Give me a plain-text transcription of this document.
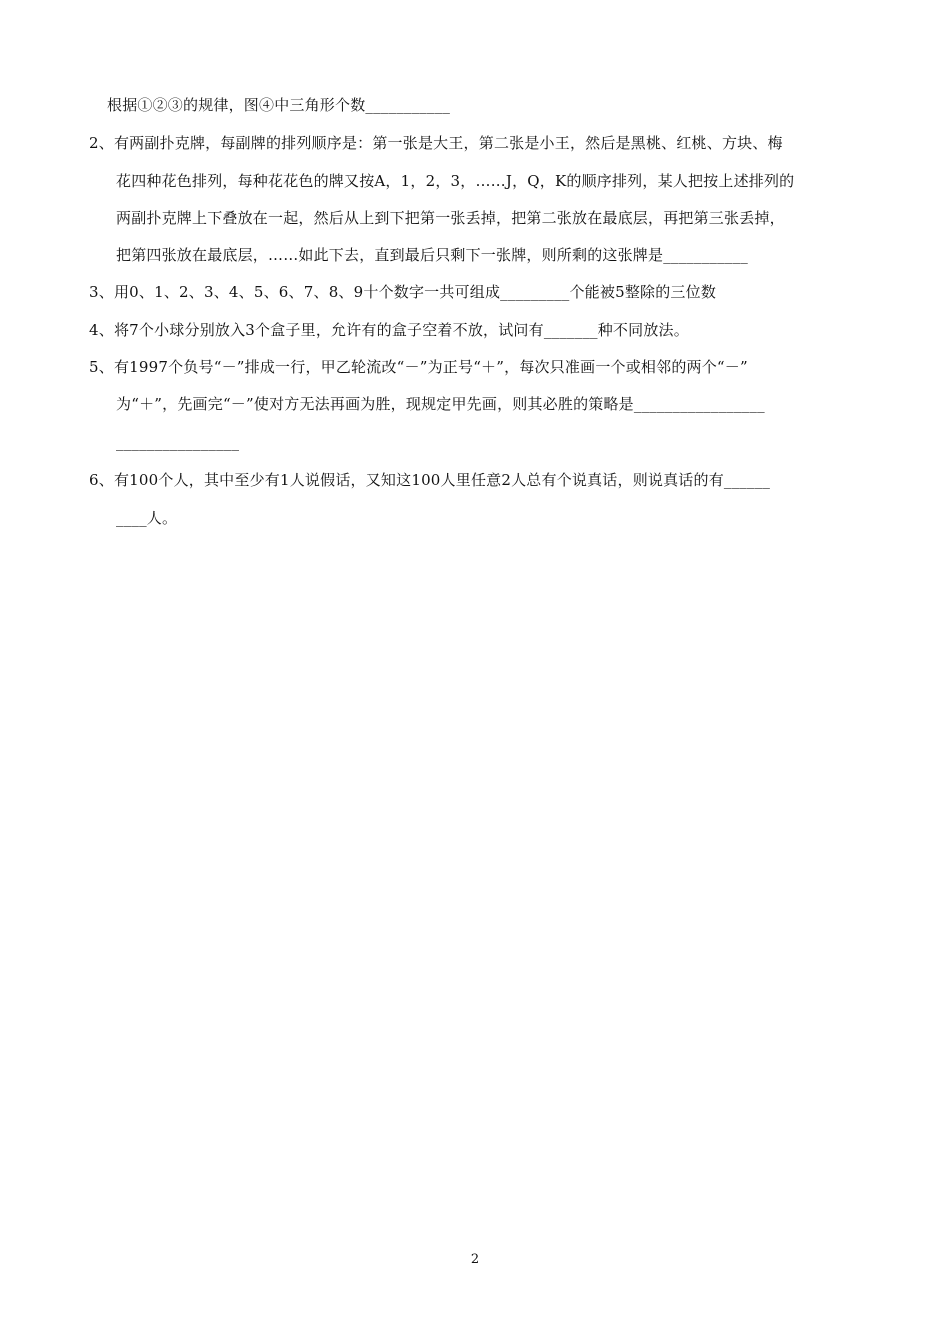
根据①②③的规律，图④中三角形个数___________
2、有两副扑克牌，每副牌的排列顺序是：第一张是大王，第二张是小王，然后是黑桃、红桃、方块、梅
花四种花色排列，每种花花色的牌又按A，1，2，3，……J，Q，K的顺序排列，某人把按上述排列的
两副扑克牌上下叠放在一起，然后从上到下把第一张丢掉，把第二张放在最底层，再把第三张丢掉，
把第四张放在最底层，……如此下去，直到最后只剩下一张牌，则所剩的这张牌是___________
3、用0、1、2、3、4、5、6、7、8、9十个数字一共可组成_________个能被5整除的三位数
4、将7个小球分别放入3个盒子里，允许有的盒子空着不放，试问有_______种不同放法。
5、有1997个负号“－”排成一行，甲乙轮流改“－”为正号“＋”，每次只准画一个或相邻的两个“－”
为“＋”，先画完“－”使对方无法再画为胜，现规定甲先画，则其必胜的策略是_________________
________________
6、有100个人，其中至少有1人说假话，又知这100人里任意2人总有个说真话，则说真话的有______
____人。
2
